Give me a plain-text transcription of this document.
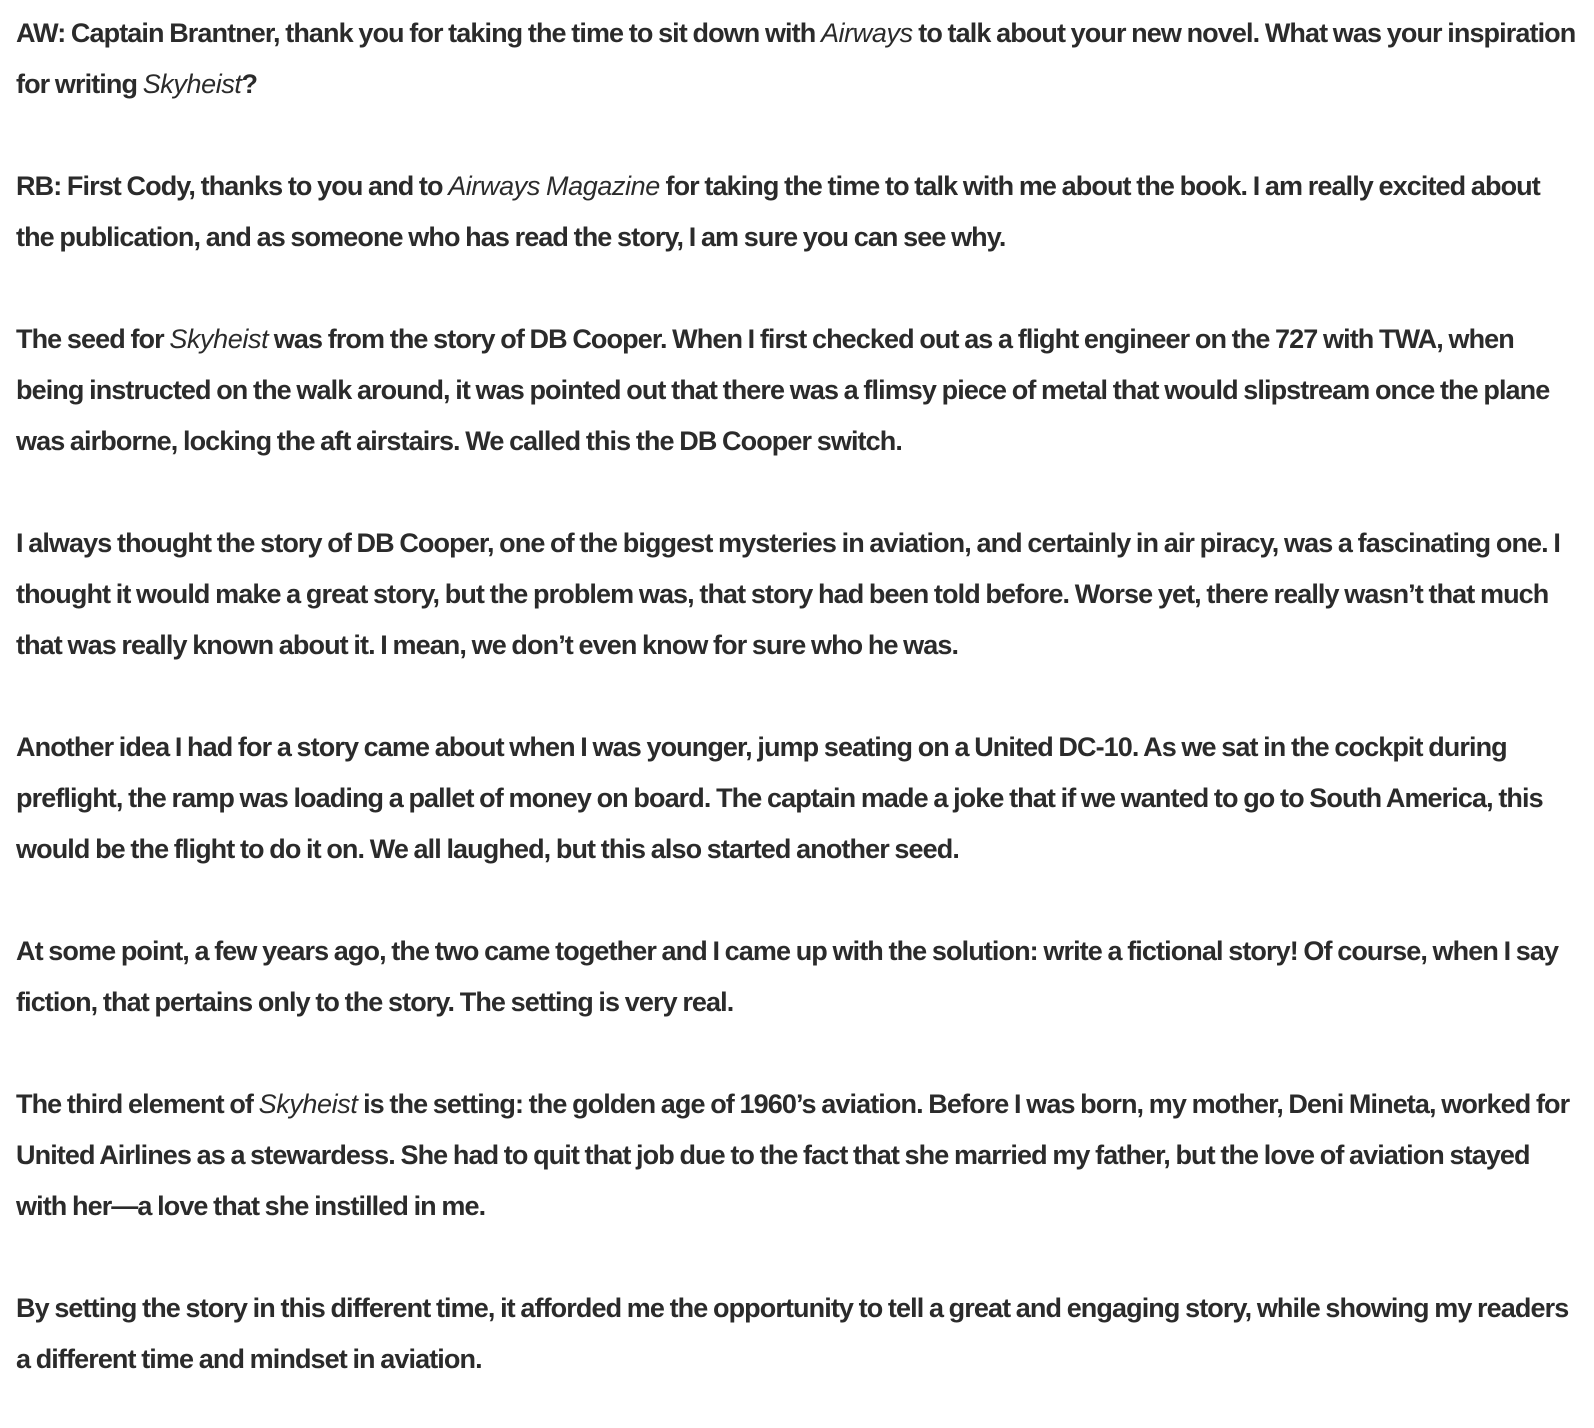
AW: Captain Brantner, thank you for taking the time to sit down with Airways to talk about your new novel. What was your inspiration for writing Skyheist?

RB: First Cody, thanks to you and to Airways Magazine for taking the time to talk with me about the book. I am really excited about the publication, and as someone who has read the story, I am sure you can see why.

The seed for Skyheist was from the story of DB Cooper. When I first checked out as a flight engineer on the 727 with TWA, when being instructed on the walk around, it was pointed out that there was a flimsy piece of metal that would slipstream once the plane was airborne, locking the aft airstairs. We called this the DB Cooper switch.

I always thought the story of DB Cooper, one of the biggest mysteries in aviation, and certainly in air piracy, was a fascinating one. I thought it would make a great story, but the problem was, that story had been told before. Worse yet, there really wasn’t that much that was really known about it. I mean, we don’t even know for sure who he was.

Another idea I had for a story came about when I was younger, jump seating on a United DC-10. As we sat in the cockpit during preflight, the ramp was loading a pallet of money on board. The captain made a joke that if we wanted to go to South America, this would be the flight to do it on. We all laughed, but this also started another seed.

At some point, a few years ago, the two came together and I came up with the solution: write a fictional story! Of course, when I say fiction, that pertains only to the story. The setting is very real.

The third element of Skyheist is the setting: the golden age of 1960’s aviation. Before I was born, my mother, Deni Mineta, worked for United Airlines as a stewardess. She had to quit that job due to the fact that she married my father, but the love of aviation stayed with her—a love that she instilled in me.

By setting the story in this different time, it afforded me the opportunity to tell a great and engaging story, while showing my readers a different time and mindset in aviation.
